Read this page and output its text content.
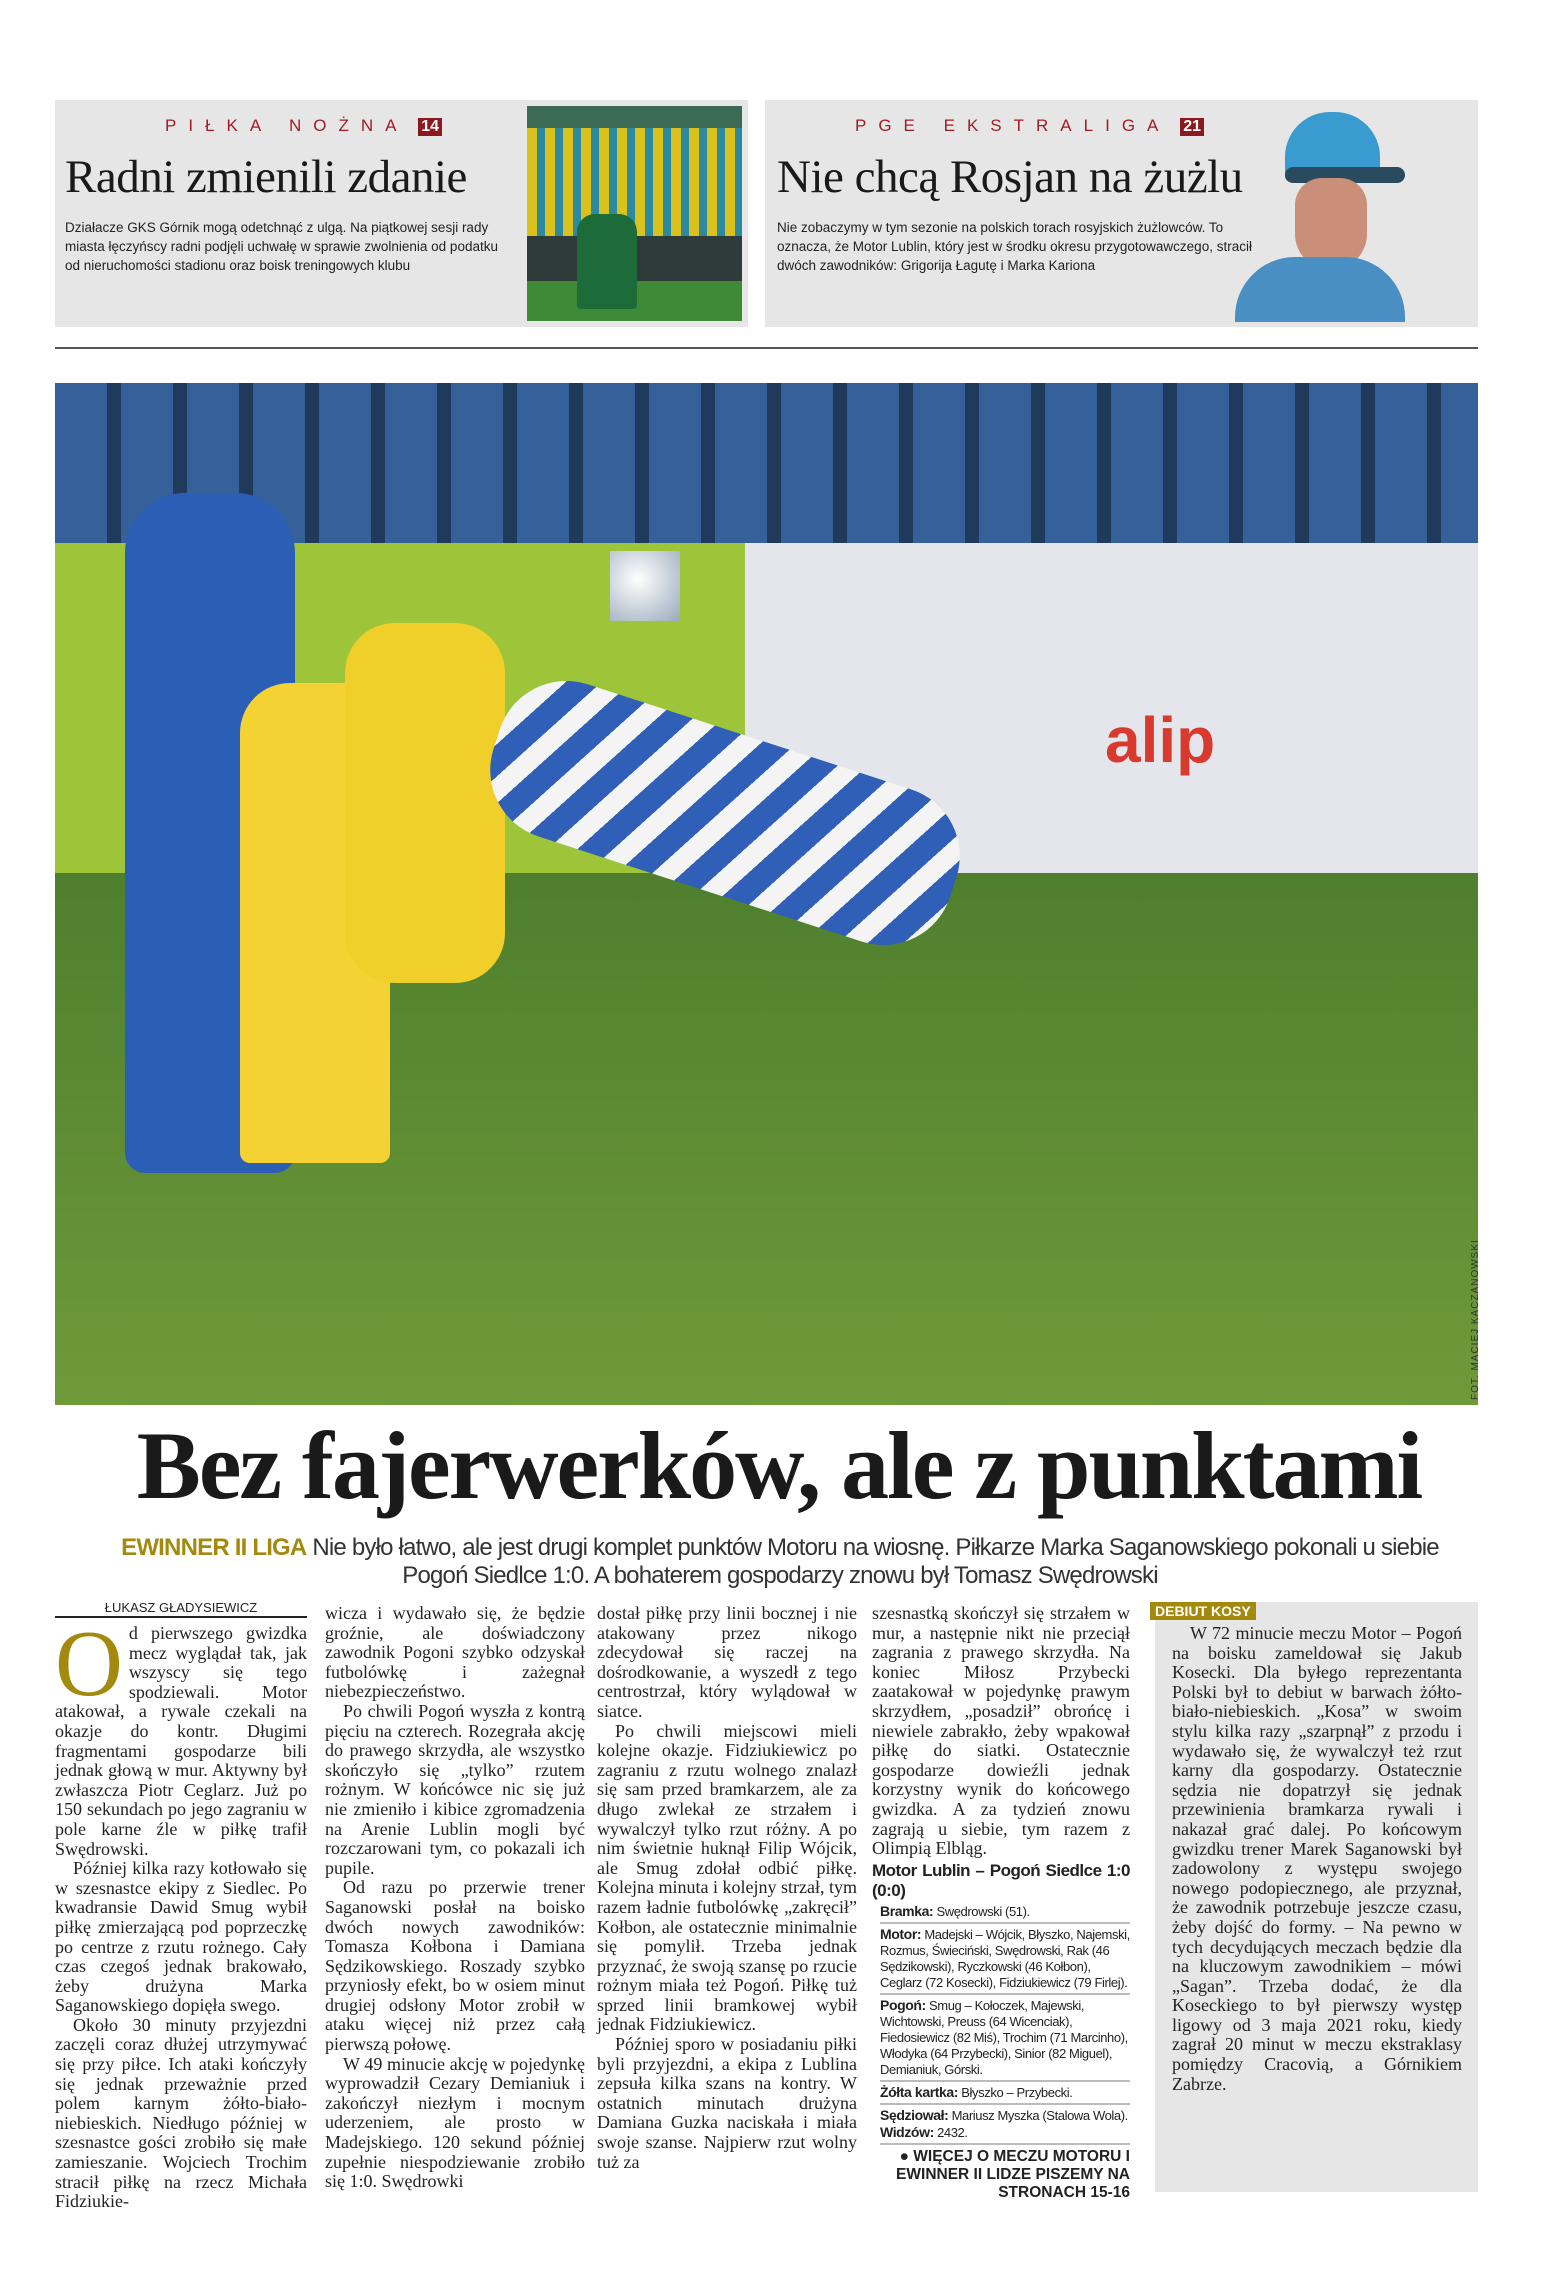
PIŁKA NOŻNA 14
Radni zmienili zdanie
Działacze GKS Górnik mogą odetchnąć z ulgą. Na piątkowej sesji rady miasta łęczyńscy radni podjęli uchwałę w sprawie zwolnienia od podatku od nieruchomości stadionu oraz boisk treningowych klubu
PGE EKSTRALIGA 21
Nie chcą Rosjan na żużlu
Nie zobaczymy w tym sezonie na polskich torach rosyjskich żużlowców. To oznacza, że Motor Lublin, który jest w środku okresu przygotowawczego, stracił dwóch zawodników: Grigorija Łagutę i Marka Kariona
alip
FOT. MACIEJ KACZANOWSKI
Bez fajerwerków, ale z punktami
EWINNER II LIGA Nie było łatwo, ale jest drugi komplet punktów Motoru na wiosnę. Piłkarze Marka Saganowskiego pokonali u siebie Pogoń Siedlce 1:0. A bohaterem gospodarzy znowu był Tomasz Swędrowski
ŁUKASZ GŁADYSIEWICZ

Od pierwszego gwizdka mecz wyglądał tak, jak wszyscy się tego spodziewali. Motor atakował, a rywale czekali na okazje do kontr. Długimi fragmentami gospodarze bili jednak głową w mur. Aktywny był zwłaszcza Piotr Ceglarz. Już po 150 sekundach po jego zagraniu w pole karne źle w piłkę trafił Swędrowski.

Później kilka razy kotłowało się w szesnastce ekipy z Siedlec. Po kwadransie Dawid Smug wybił piłkę zmierzającą pod poprzeczkę po centrze z rzutu rożnego. Cały czas czegoś jednak brakowało, żeby drużyna Marka Saganowskiego dopięła swego.

Około 30 minuty przyjezdni zaczęli coraz dłużej utrzymywać się przy piłce. Ich ataki kończyły się jednak przeważnie przed polem karnym żółto-biało-niebieskich. Niedługo później w szesnastce gości zrobiło się małe zamieszanie. Wojciech Trochim stracił piłkę na rzecz Michała Fidziukie-

wicza i wydawało się, że będzie groźnie, ale doświadczony zawodnik Pogoni szybko odzyskał futbolówkę i zażegnał niebezpieczeństwo.

Po chwili Pogoń wyszła z kontrą pięciu na czterech. Rozegrała akcję do prawego skrzydła, ale wszystko skończyło się „tylko” rzutem rożnym. W końcówce nic się już nie zmieniło i kibice zgromadzenia na Arenie Lublin mogli być rozczarowani tym, co pokazali ich pupile.

Od razu po przerwie trener Saganowski posłał na boisko dwóch nowych zawodników: Tomasza Kołbona i Damiana Sędzikowskiego. Roszady szybko przyniosły efekt, bo w osiem minut drugiej odsłony Motor zrobił w ataku więcej niż przez całą pierwszą połowę.

W 49 minucie akcję w pojedynkę wyprowadził Cezary Demianiuk i zakończył niezłym i mocnym uderzeniem, ale prosto w Madejskiego. 120 sekund później zupełnie niespodziewanie zrobiło się 1:0. Swędrowki

dostał piłkę przy linii bocznej i nie atakowany przez nikogo zdecydował się raczej na dośrodkowanie, a wyszedł z tego centrostrzał, który wylądował w siatce.

Po chwili miejscowi mieli kolejne okazje. Fidziukiewicz po zagraniu z rzutu wolnego znalazł się sam przed bramkarzem, ale za długo zwlekał ze strzałem i wywalczył tylko rzut różny. A po nim świetnie huknął Filip Wójcik, ale Smug zdołał odbić piłkę. Kolejna minuta i kolejny strzał, tym razem ładnie futbolówkę „zakręcił” Kołbon, ale ostatecznie minimalnie się pomylił. Trzeba jednak przyznać, że swoją szansę po rzucie rożnym miała też Pogoń. Piłkę tuż sprzed linii bramkowej wybił jednak Fidziukiewicz.

Później sporo w posiadaniu piłki byli przyjezdni, a ekipa z Lublina zepsuła kilka szans na kontry. W ostatnich minutach drużyna Damiana Guzka naciskała i miała swoje szanse. Najpierw rzut wolny tuż za

szesnastką skończył się strzałem w mur, a następnie nikt nie przeciął zagrania z prawego skrzydła. Na koniec Miłosz Przybecki zaatakował w pojedynkę prawym skrzydłem, „posadził” obrońcę i niewiele zabrakło, żeby wpakował piłkę do siatki. Ostatecznie gospodarze dowieźli jednak korzystny wynik do końcowego gwizdka. A za tydzień znowu zagrają u siebie, tym razem z Olimpią Elbląg.

Motor Lublin – Pogoń Siedlce 1:0 (0:0)
Bramka: Swędrowski (51).
Motor: Madejski – Wójcik, Błyszko, Najemski, Rozmus, Świeciński, Swędrowski, Rak (46 Sędzikowski), Ryczkowski (46 Kołbon), Ceglarz (72 Kosecki), Fidziukiewicz (79 Firlej).
Pogoń: Smug – Kołoczek, Majewski, Wichtowski, Preuss (64 Wicenciak), Fiedosiewicz (82 Miś), Trochim (71 Marcinho), Włodyka (64 Przybecki), Sinior (82 Miguel), Demianiuk, Górski.
Żółta kartka: Błyszko – Przybecki.
Sędziował: Mariusz Myszka (Stalowa Wola).
Widzów: 2432.
● WIĘCEJ O MECZU MOTORU I EWINNER II LIDZE PISZEMY NA STRONACH 15-16
DEBIUT KOSY
W 72 minucie meczu Motor – Pogoń na boisku zameldował się Jakub Kosecki. Dla byłego reprezentanta Polski był to debiut w barwach żółto-biało-niebieskich. „Kosa” w swoim stylu kilka razy „szarpnął” z przodu i wydawało się, że wywalczył też rzut karny dla gospodarzy. Ostatecznie sędzia nie dopatrzył się jednak przewinienia bramkarza rywali i nakazał grać dalej. Po końcowym gwizdku trener Marek Saganowski był zadowolony z występu swojego nowego podopiecznego, ale przyznał, że zawodnik potrzebuje jeszcze czasu, żeby dojść do formy. – Na pewno w tych decydujących meczach będzie dla na kluczowym zawodnikiem – mówi „Sagan”. Trzeba dodać, że dla Koseckiego to był pierwszy występ ligowy od 3 maja 2021 roku, kiedy zagrał 20 minut w meczu ekstraklasy pomiędzy Cracovią, a Górnikiem Zabrze.
